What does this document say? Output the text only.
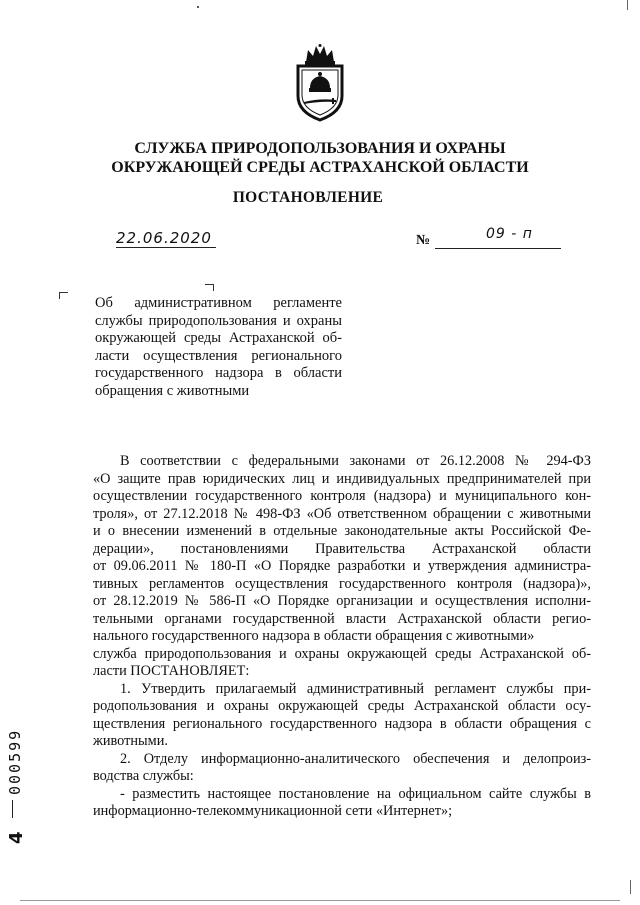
СЛУЖБА ПРИРОДОПОЛЬЗОВАНИЯ И ОХРАНЫ
ОКРУЖАЮЩЕЙ СРЕДЫ АСТРАХАНСКОЙ ОБЛАСТИ
ПОСТАНОВЛЕНИЕ
22.06.2020	№	09 - п
Об административном регламенте
службы природопользования и охраны
окружающей среды Астраханской об-
ласти осуществления регионального
государственного надзора в области
обращения с животными
В соответствии с федеральными законами от 26.12.2008 № 294-ФЗ
«О защите прав юридических лиц и индивидуальных предпринимателей при
осуществлении государственного контроля (надзора) и муниципального кон-
троля», от 27.12.2018 № 498-ФЗ «Об ответственном обращении с животными
и о внесении изменений в отдельные законодательные акты Российской Фе-
дерации», постановлениями Правительства Астраханской области
от 09.06.2011 № 180-П «О Порядке разработки и утверждения администра-
тивных регламентов осуществления государственного контроля (надзора)»,
от 28.12.2019 № 586-П «О Порядке организации и осуществления исполни-
тельными органами государственной власти Астраханской области регио-
нального государственного надзора в области обращения с животными»
служба природопользования и охраны окружающей среды Астраханской об-
ласти ПОСТАНОВЛЯЕТ:
1. Утвердить прилагаемый административный регламент службы при-
родопользования и охраны окружающей среды Астраханской области осу-
ществления регионального государственного надзора в области обращения с
животными.
2. Отделу информационно-аналитического обеспечения и делопроиз-
водства службы:
- разместить настоящее постановление на официальном сайте службы в
информационно-телекоммуникационной сети «Интернет»;
000599
4
